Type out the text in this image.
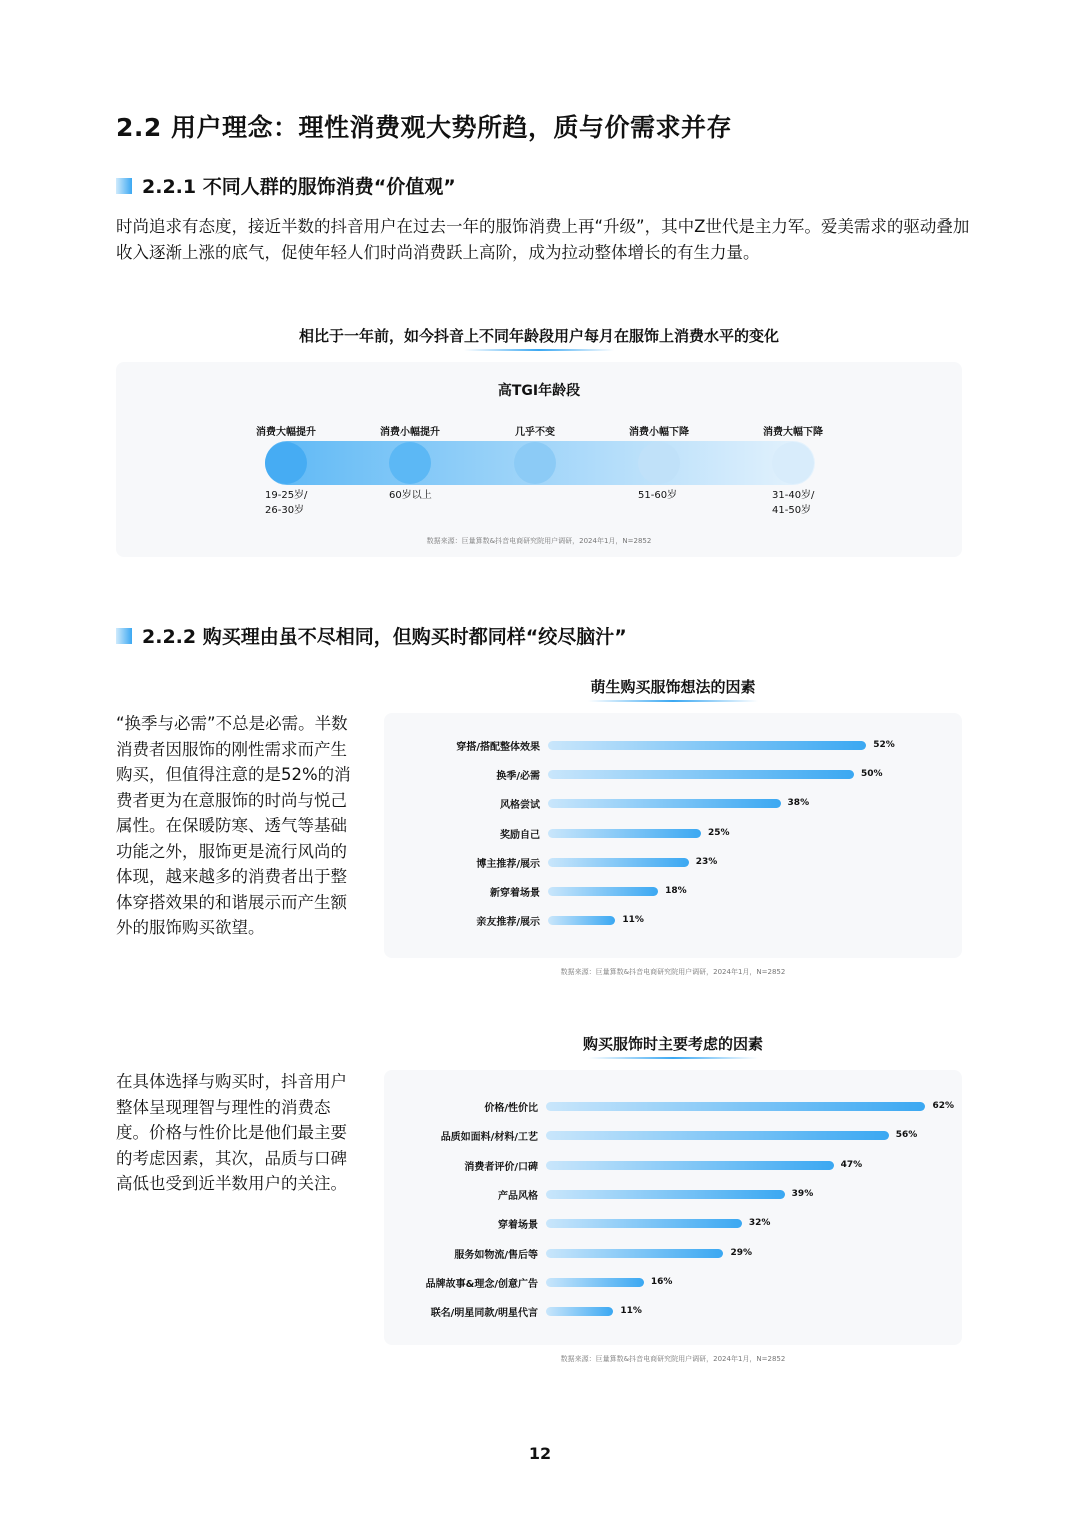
2.2 用户理念：理性消费观大势所趋，质与价需求并存
2.2.1 不同人群的服饰消费“价值观”
时尚追求有态度，接近半数的抖音用户在过去一年的服饰消费上再“升级”，其中Z世代是主力军。爱美需求的驱动叠加收入逐渐上涨的底气，促使年轻人们时尚消费跃上高阶，成为拉动整体增长的有生力量。
相比于一年前，如今抖音上不同年龄段用户每月在服饰上消费水平的变化
高TGI年龄段
数据来源：巨量算数&抖音电商研究院用户调研，2024年1月，N=2852
2.2.2 购买理由虽不尽相同，但购买时都同样“绞尽脑汁”
“换季与必需”不总是必需。半数消费者因服饰的刚性需求而产生购买，但值得注意的是52%的消费者更为在意服饰的时尚与悦己属性。在保暖防寒、透气等基础功能之外，服饰更是流行风尚的体现，越来越多的消费者出于整体穿搭效果的和谐展示而产生额外的服饰购买欲望。
在具体选择与购买时，抖音用户整体呈现理智与理性的消费态度。价格与性价比是他们最主要的考虑因素，其次，品质与口碑高低也受到近半数用户的关注。
萌生购买服饰想法的因素
穿搭/搭配整体效果	52%
换季/必需	50%
风格尝试	38%
奖励自己	25%
博主推荐/展示	23%
新穿着场景	18%
亲友推荐/展示	11%
数据来源：巨量算数&抖音电商研究院用户调研，2024年1月，N=2852
购买服饰时主要考虑的因素
价格/性价比	62%
品质如面料/材料/工艺	56%
消费者评价/口碑	47%
产品风格	39%
穿着场景	32%
服务如物流/售后等	29%
品牌故事&理念/创意广告	16%
联名/明星同款/明星代言	11%
数据来源：巨量算数&抖音电商研究院用户调研，2024年1月，N=2852
12
消费大幅提升
19-25岁/
26-30岁
消费小幅提升
60岁以上
几乎不变	消费小幅下降
51-60岁
消费大幅下降
31-40岁/
41-50岁
